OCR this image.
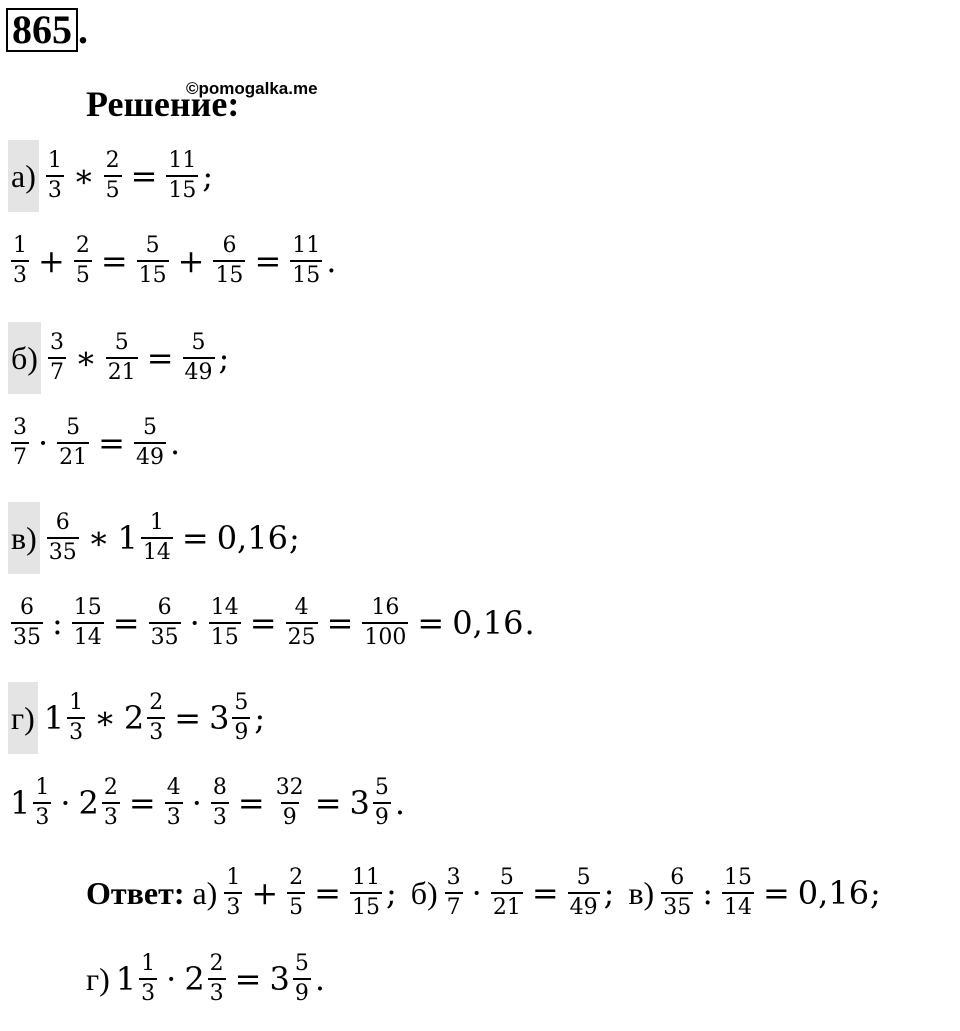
865 .
©pomogalka.me
Решение:
$а) \frac{1}{3}$ ∗ $\frac{2}{5} = \frac{11}{15}$ ;
$\frac{1}{3} + \frac{2}{5} = \frac{5}{15} + \frac{6}{15} = \frac{11}{15}$ .
$б) \frac{3}{7}$ ∗ $\frac{5}{21} = \frac{5}{49}$ ;
$\frac{3}{7} \cdot \frac{5}{21} = \frac{5}{49}$ .
$в) \frac{6}{35}$ ∗ $1 \frac{1}{14} = 0,16$ ;
$\frac{6}{35}$ : $\frac{15}{14} = \frac{6}{35} \cdot \frac{14}{15} = \frac{4}{25} = \frac{16}{100} = 0,16$ .
г) $1 \frac{1}{3}$ ∗ $2 \frac{2}{3} = 3 \frac{5}{9}$ ;
$1 \frac{1}{3} \cdot 2 \frac{2}{3} = \frac{4}{3} \cdot \frac{8}{3} = \frac{32}{9} = 3 \frac{5}{9}$ .
Ответ: $а) \frac{1}{3} + \frac{2}{5} = \frac{11}{15}$ ; $б) \frac{3}{7} \cdot \frac{5}{21} = \frac{5}{49}$ ; $в) \frac{6}{35}$ : $\frac{15}{14} = 0,16$ ;
г) $1 \frac{1}{3} \cdot 2 \frac{2}{3} = 3 \frac{5}{9}$ .
